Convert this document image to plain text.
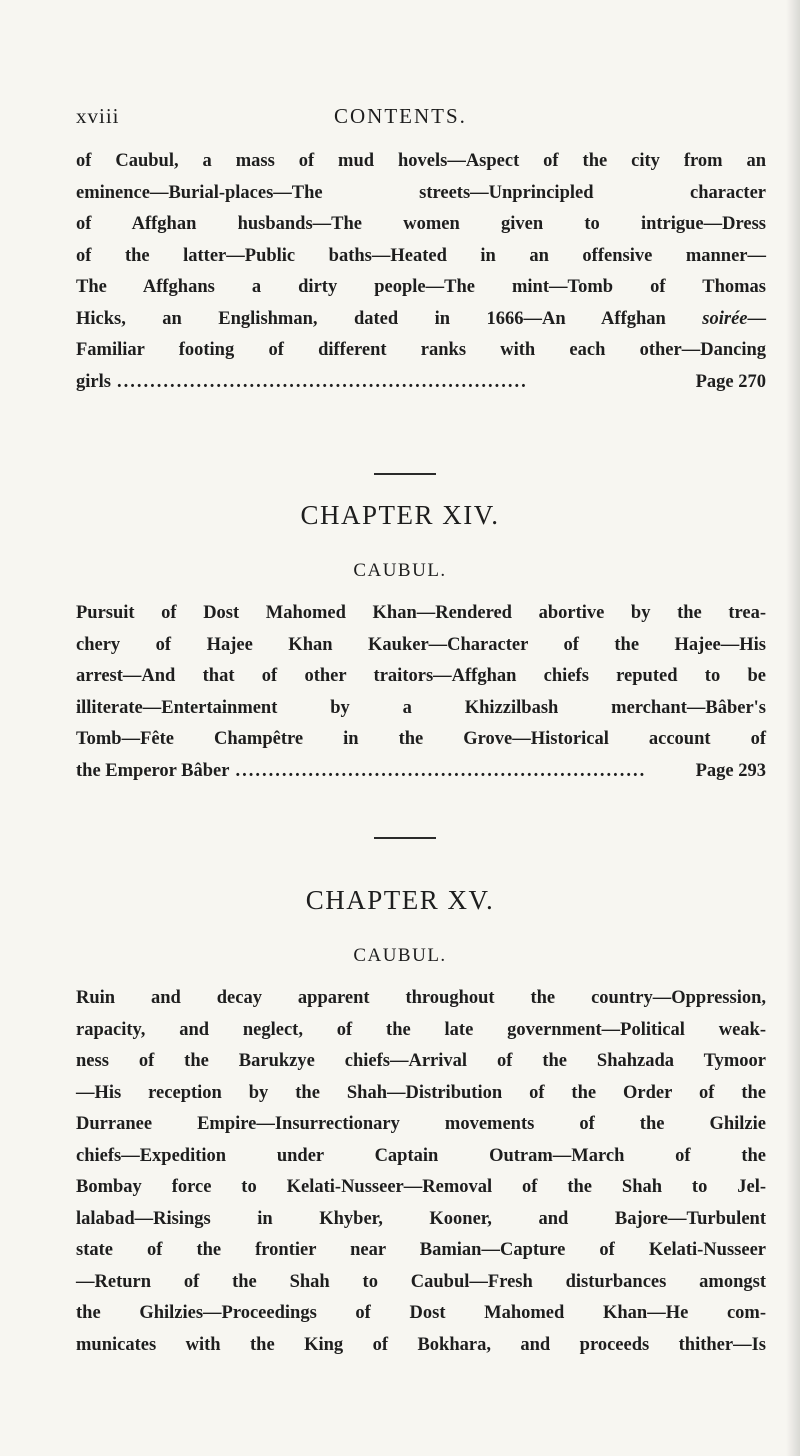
xviii	CONTENTS.
of Caubul, a mass of mud hovels—Aspect of the city from an
eminence—Burial-places—The streets—Unprincipled character
of Affghan husbands—The women given to intrigue—Dress
of the latter—Public baths—Heated in an offensive manner—
The Affghans a dirty people—The mint—Tomb of Thomas
Hicks, an Englishman, dated in 1666—An Affghan soirée—
Familiar footing of different ranks with each other—Dancing
girls ..............................................................	Page 270
CHAPTER XIV.
CAUBUL.
Pursuit of Dost Mahomed Khan—Rendered abortive by the trea-
chery of Hajee Khan Kauker—Character of the Hajee—His
arrest—And that of other traitors—Affghan chiefs reputed to be
illiterate—Entertainment by a Khizzilbash merchant—Bâber's
Tomb—Fête Champêtre in the Grove—Historical account of
the Emperor Bâber ..............................................................	Page 293
CHAPTER XV.
CAUBUL.
Ruin and decay apparent throughout the country—Oppression,
rapacity, and neglect, of the late government—Political weak-
ness of the Barukzye chiefs—Arrival of the Shahzada Tymoor
—His reception by the Shah—Distribution of the Order of the
Durranee Empire—Insurrectionary movements of the Ghilzie
chiefs—Expedition under Captain Outram—March of the
Bombay force to Kelati-Nusseer—Removal of the Shah to Jel-
lalabad—Risings in Khyber, Kooner, and Bajore—Turbulent
state of the frontier near Bamian—Capture of Kelati-Nusseer
—Return of the Shah to Caubul—Fresh disturbances amongst
the Ghilzies—Proceedings of Dost Mahomed Khan—He com-
municates with the King of Bokhara, and proceeds thither—Is
